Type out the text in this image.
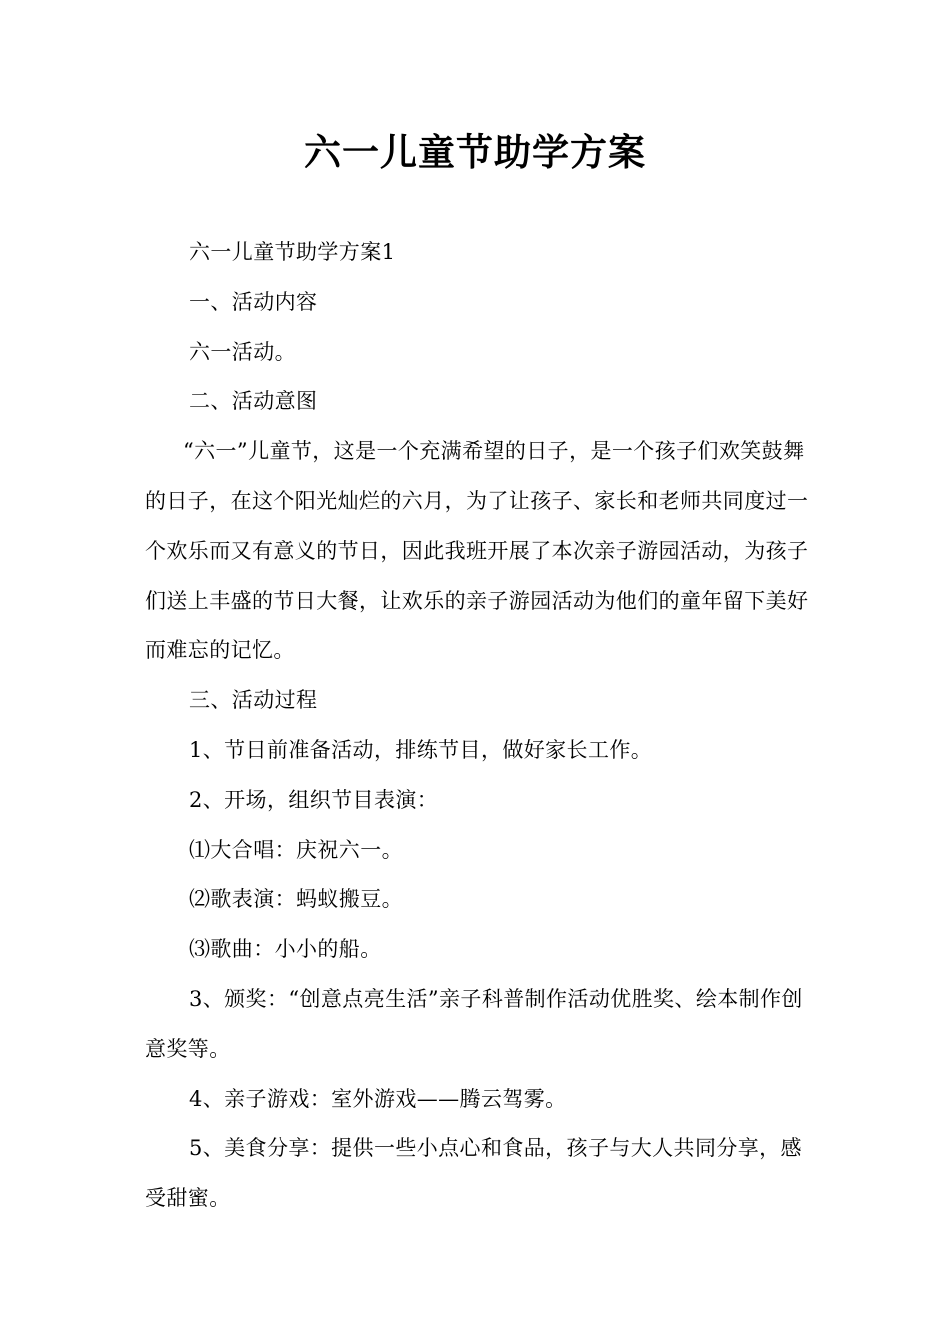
六一儿童节助学方案

六一儿童节助学方案1

一、活动内容

六一活动。

二、活动意图

“六一”儿童节，这是一个充满希望的日子，是一个孩子们欢笑鼓舞的日子，在这个阳光灿烂的六月，为了让孩子、家长和老师共同度过一个欢乐而又有意义的节日，因此我班开展了本次亲子游园活动，为孩子们送上丰盛的节日大餐，让欢乐的亲子游园活动为他们的童年留下美好而难忘的记忆。

三、活动过程

1、节日前准备活动，排练节目，做好家长工作。

2、开场，组织节目表演：

⑴大合唱：庆祝六一。

⑵歌表演：蚂蚁搬豆。

⑶歌曲：小小的船。

3、颁奖：“创意点亮生活”亲子科普制作活动优胜奖、绘本制作创意奖等。

4、亲子游戏：室外游戏——腾云驾雾。

5、美食分享：提供一些小点心和食品，孩子与大人共同分享，感受甜蜜。
